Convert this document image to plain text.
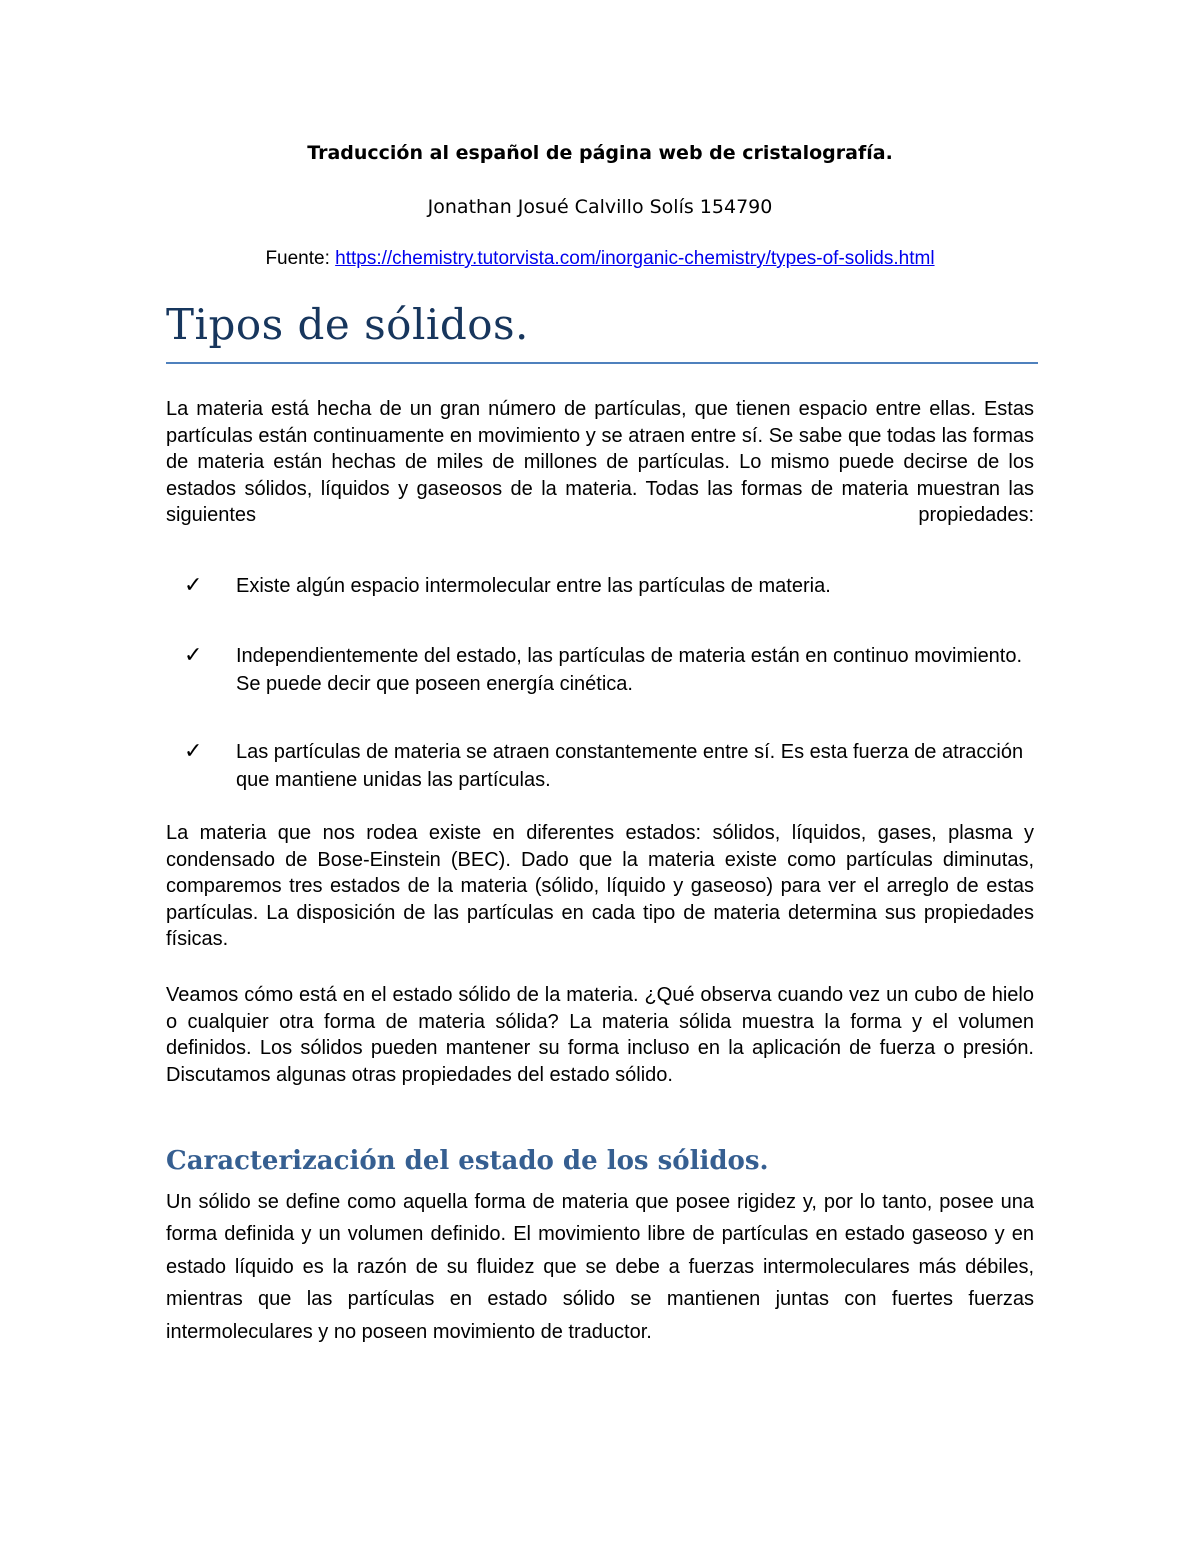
Traducción al español de página web de cristalografía.
Jonathan Josué Calvillo Solís 154790
Fuente: https://chemistry.tutorvista.com/inorganic-chemistry/types-of-solids.html
Tipos de sólidos.
La materia está hecha de un gran número de partículas, que tienen espacio entre ellas. Estas partículas están continuamente en movimiento y se atraen entre sí. Se sabe que todas las formas de materia están hechas de miles de millones de partículas. Lo mismo puede decirse de los estados sólidos, líquidos y gaseosos de la materia. Todas las formas de materia muestran las siguientes propiedades:
✓ Existe algún espacio intermolecular entre las partículas de materia.
✓ Independientemente del estado, las partículas de materia están en continuo movimiento. Se puede decir que poseen energía cinética.
✓ Las partículas de materia se atraen constantemente entre sí. Es esta fuerza de atracción que mantiene unidas las partículas.
La materia que nos rodea existe en diferentes estados: sólidos, líquidos, gases, plasma y condensado de Bose-Einstein (BEC). Dado que la materia existe como partículas diminutas, comparemos tres estados de la materia (sólido, líquido y gaseoso) para ver el arreglo de estas partículas. La disposición de las partículas en cada tipo de materia determina sus propiedades físicas.
Veamos cómo está en el estado sólido de la materia. ¿Qué observa cuando vez un cubo de hielo o cualquier otra forma de materia sólida? La materia sólida muestra la forma y el volumen definidos. Los sólidos pueden mantener su forma incluso en la aplicación de fuerza o presión. Discutamos algunas otras propiedades del estado sólido.
Caracterización del estado de los sólidos.
Un sólido se define como aquella forma de materia que posee rigidez y, por lo tanto, posee una forma definida y un volumen definido. El movimiento libre de partículas en estado gaseoso y en estado líquido es la razón de su fluidez que se debe a fuerzas intermoleculares más débiles, mientras que las partículas en estado sólido se mantienen juntas con fuertes fuerzas intermoleculares y no poseen movimiento de traductor.
